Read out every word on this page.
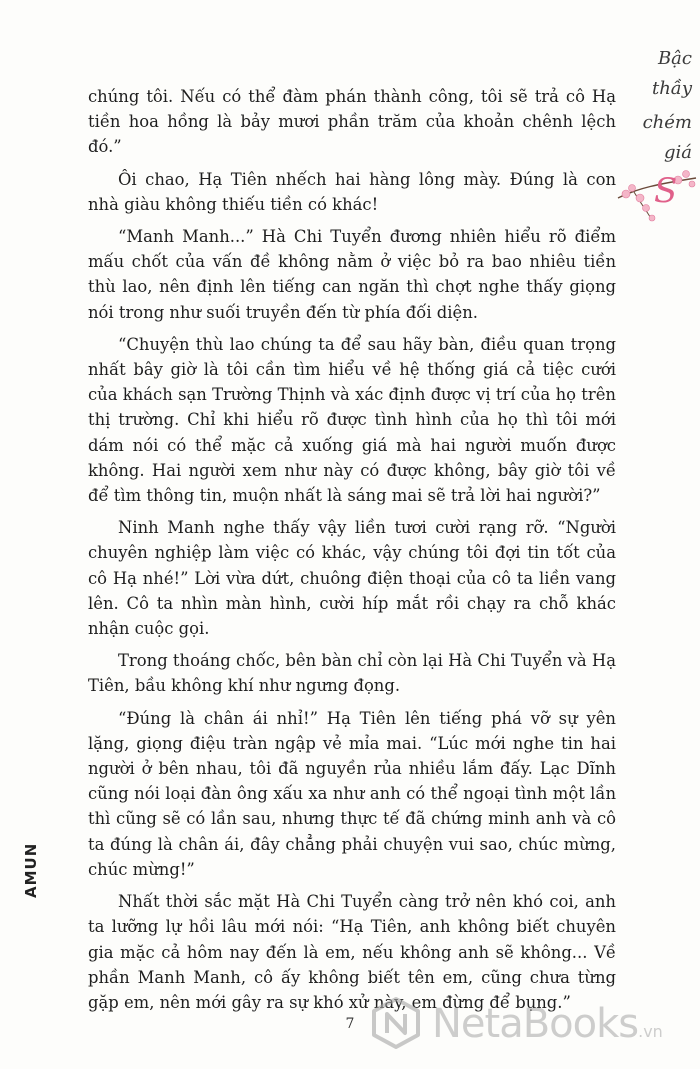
Bậc
thầy
chém
giá
S

chúng tôi. Nếu có thể đàm phán thành công, tôi sẽ trả cô Hạ tiền hoa hồng là bảy mươi phần trăm của khoản chênh lệch đó.”

Ôi chao, Hạ Tiên nhếch hai hàng lông mày. Đúng là con nhà giàu không thiếu tiền có khác!

“Manh Manh...” Hà Chi Tuyển đương nhiên hiểu rõ điểm mấu chốt của vấn đề không nằm ở việc bỏ ra bao nhiêu tiền thù lao, nên định lên tiếng can ngăn thì chợt nghe thấy giọng nói trong như suối truyền đến từ phía đối diện.

“Chuyện thù lao chúng ta để sau hãy bàn, điều quan trọng nhất bây giờ là tôi cần tìm hiểu về hệ thống giá cả tiệc cưới của khách sạn Trường Thịnh và xác định được vị trí của họ trên thị trường. Chỉ khi hiểu rõ được tình hình của họ thì tôi mới dám nói có thể mặc cả xuống giá mà hai người muốn được không. Hai người xem như này có được không, bây giờ tôi về để tìm thông tin, muộn nhất là sáng mai sẽ trả lời hai người?”

Ninh Manh nghe thấy vậy liền tươi cười rạng rỡ. “Người chuyên nghiệp làm việc có khác, vậy chúng tôi đợi tin tốt của cô Hạ nhé!” Lời vừa dứt, chuông điện thoại của cô ta liền vang lên. Cô ta nhìn màn hình, cười híp mắt rồi chạy ra chỗ khác nhận cuộc gọi.

Trong thoáng chốc, bên bàn chỉ còn lại Hà Chi Tuyển và Hạ Tiên, bầu không khí như ngưng đọng.

“Đúng là chân ái nhỉ!” Hạ Tiên lên tiếng phá vỡ sự yên lặng, giọng điệu tràn ngập vẻ mỉa mai. “Lúc mới nghe tin hai người ở bên nhau, tôi đã nguyền rủa nhiều lắm đấy. Lạc Dĩnh cũng nói loại đàn ông xấu xa như anh có thể ngoại tình một lần thì cũng sẽ có lần sau, nhưng thực tế đã chứng minh anh và cô ta đúng là chân ái, đây chẳng phải chuyện vui sao, chúc mừng, chúc mừng!”

Nhất thời sắc mặt Hà Chi Tuyển càng trở nên khó coi, anh ta lưỡng lự hồi lâu mới nói: “Hạ Tiên, anh không biết chuyên gia mặc cả hôm nay đến là em, nếu không anh sẽ không... Về phần Manh Manh, cô ấy không biết tên em, cũng chưa từng gặp em, nên mới gây ra sự khó xử này, em đừng để bụng.”

AMUN
7	NetaBooks.vn
